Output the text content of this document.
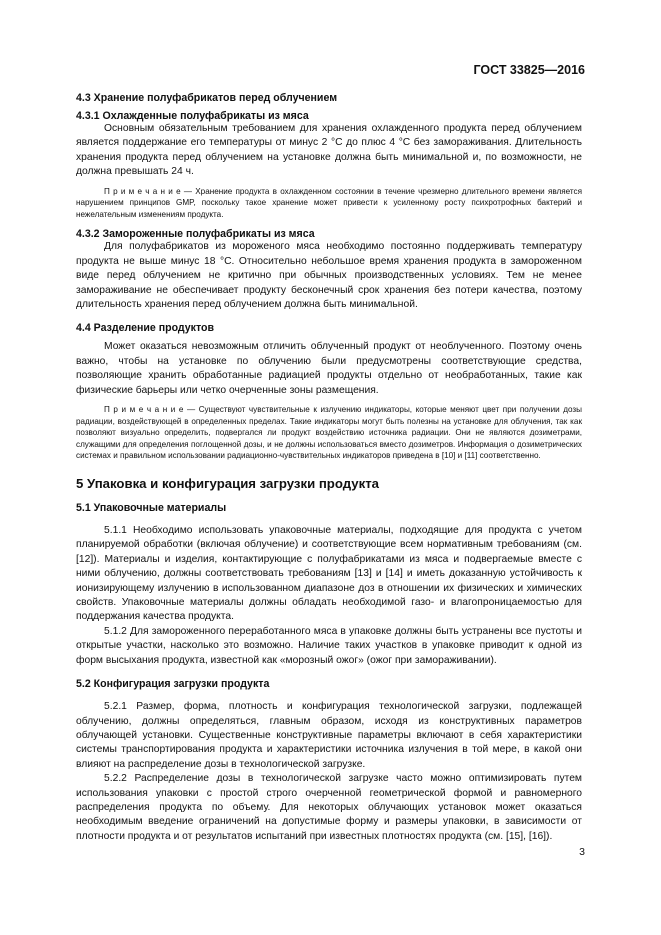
ГОСТ 33825—2016
4.3 Хранение полуфабрикатов перед облучением
4.3.1 Охлажденные полуфабрикаты из мяса

Основным обязательным требованием для хранения охлажденного продукта перед облучением является поддержание его температуры от минус 2 °С до плюс 4 °С без замораживания. Длительность хранения продукта перед облучением на установке должна быть минимальной и, по возможности, не должна превышать 24 ч.

П р и м е ч а н и е — Хранение продукта в охлажденном состоянии в течение чрезмерно длительного времени является нарушением принципов GMP, поскольку такое хранение может привести к усиленному росту психротрофных бактерий и нежелательным изменениям продукта.

4.3.2 Замороженные полуфабрикаты из мяса

Для полуфабрикатов из мороженого мяса необходимо постоянно поддерживать температуру продукта не выше минус 18 °С. Относительно небольшое время хранения продукта в замороженном виде перед облучением не критично при обычных производственных условиях. Тем не менее замораживание не обеспечивает продукту бесконечный срок хранения без потери качества, поэтому длительность хранения перед облучением должна быть минимальной.

4.4 Разделение продуктов

Может оказаться невозможным отличить облученный продукт от необлученного. Поэтому очень важно, чтобы на установке по облучению были предусмотрены соответствующие средства, позволяющие хранить обработанные радиацией продукты отдельно от необработанных, такие как физические барьеры или четко очерченные зоны размещения.

П р и м е ч а н и е — Существуют чувствительные к излучению индикаторы, которые меняют цвет при получении дозы радиации, воздействующей в определенных пределах. Такие индикаторы могут быть полезны на установке для облучения, так как позволяют визуально определить, подвергался ли продукт воздействию источника радиации. Они не являются дозиметрами, служащими для определения поглощенной дозы, и не должны использоваться вместо дозиметров. Информация о дозиметрических системах и правильном использовании радиационно-чувствительных индикаторов приведена в [10] и [11] соответственно.

5 Упаковка и конфигурация загрузки продукта
5.1 Упаковочные материалы

5.1.1 Необходимо использовать упаковочные материалы, подходящие для продукта с учетом планируемой обработки (включая облучение) и соответствующие всем нормативным требованиям (см. [12]). Материалы и изделия, контактирующие с полуфабрикатами из мяса и подвергаемые вместе с ними облучению, должны соответствовать требованиям [13] и [14] и иметь доказанную устойчивость к ионизирующему излучению в использованном диапазоне доз в отношении их физических и химических свойств. Упаковочные материалы должны обладать необходимой газо- и влагопроницаемостью для поддержания качества продукта.

5.1.2 Для замороженного переработанного мяса в упаковке должны быть устранены все пустоты и открытые участки, насколько это возможно. Наличие таких участков в упаковке приводит к одной из форм высыхания продукта, известной как «морозный ожог» (ожог при замораживании).

5.2 Конфигурация загрузки продукта

5.2.1 Размер, форма, плотность и конфигурация технологической загрузки, подлежащей облучению, должны определяться, главным образом, исходя из конструктивных параметров облучающей установки. Существенные конструктивные параметры включают в себя характеристики системы транспортирования продукта и характеристики источника излучения в той мере, в какой они влияют на распределение дозы в технологической загрузке.

5.2.2 Распределение дозы в технологической загрузке часто можно оптимизировать путем использования упаковки с простой строго очерченной геометрической формой и равномерного распределения продукта по объему. Для некоторых облучающих установок может оказаться необходимым введение ограничений на допустимые форму и размеры упаковки, в зависимости от плотности продукта и от результатов испытаний при известных плотностях продукта (см. [15], [16]).

3
